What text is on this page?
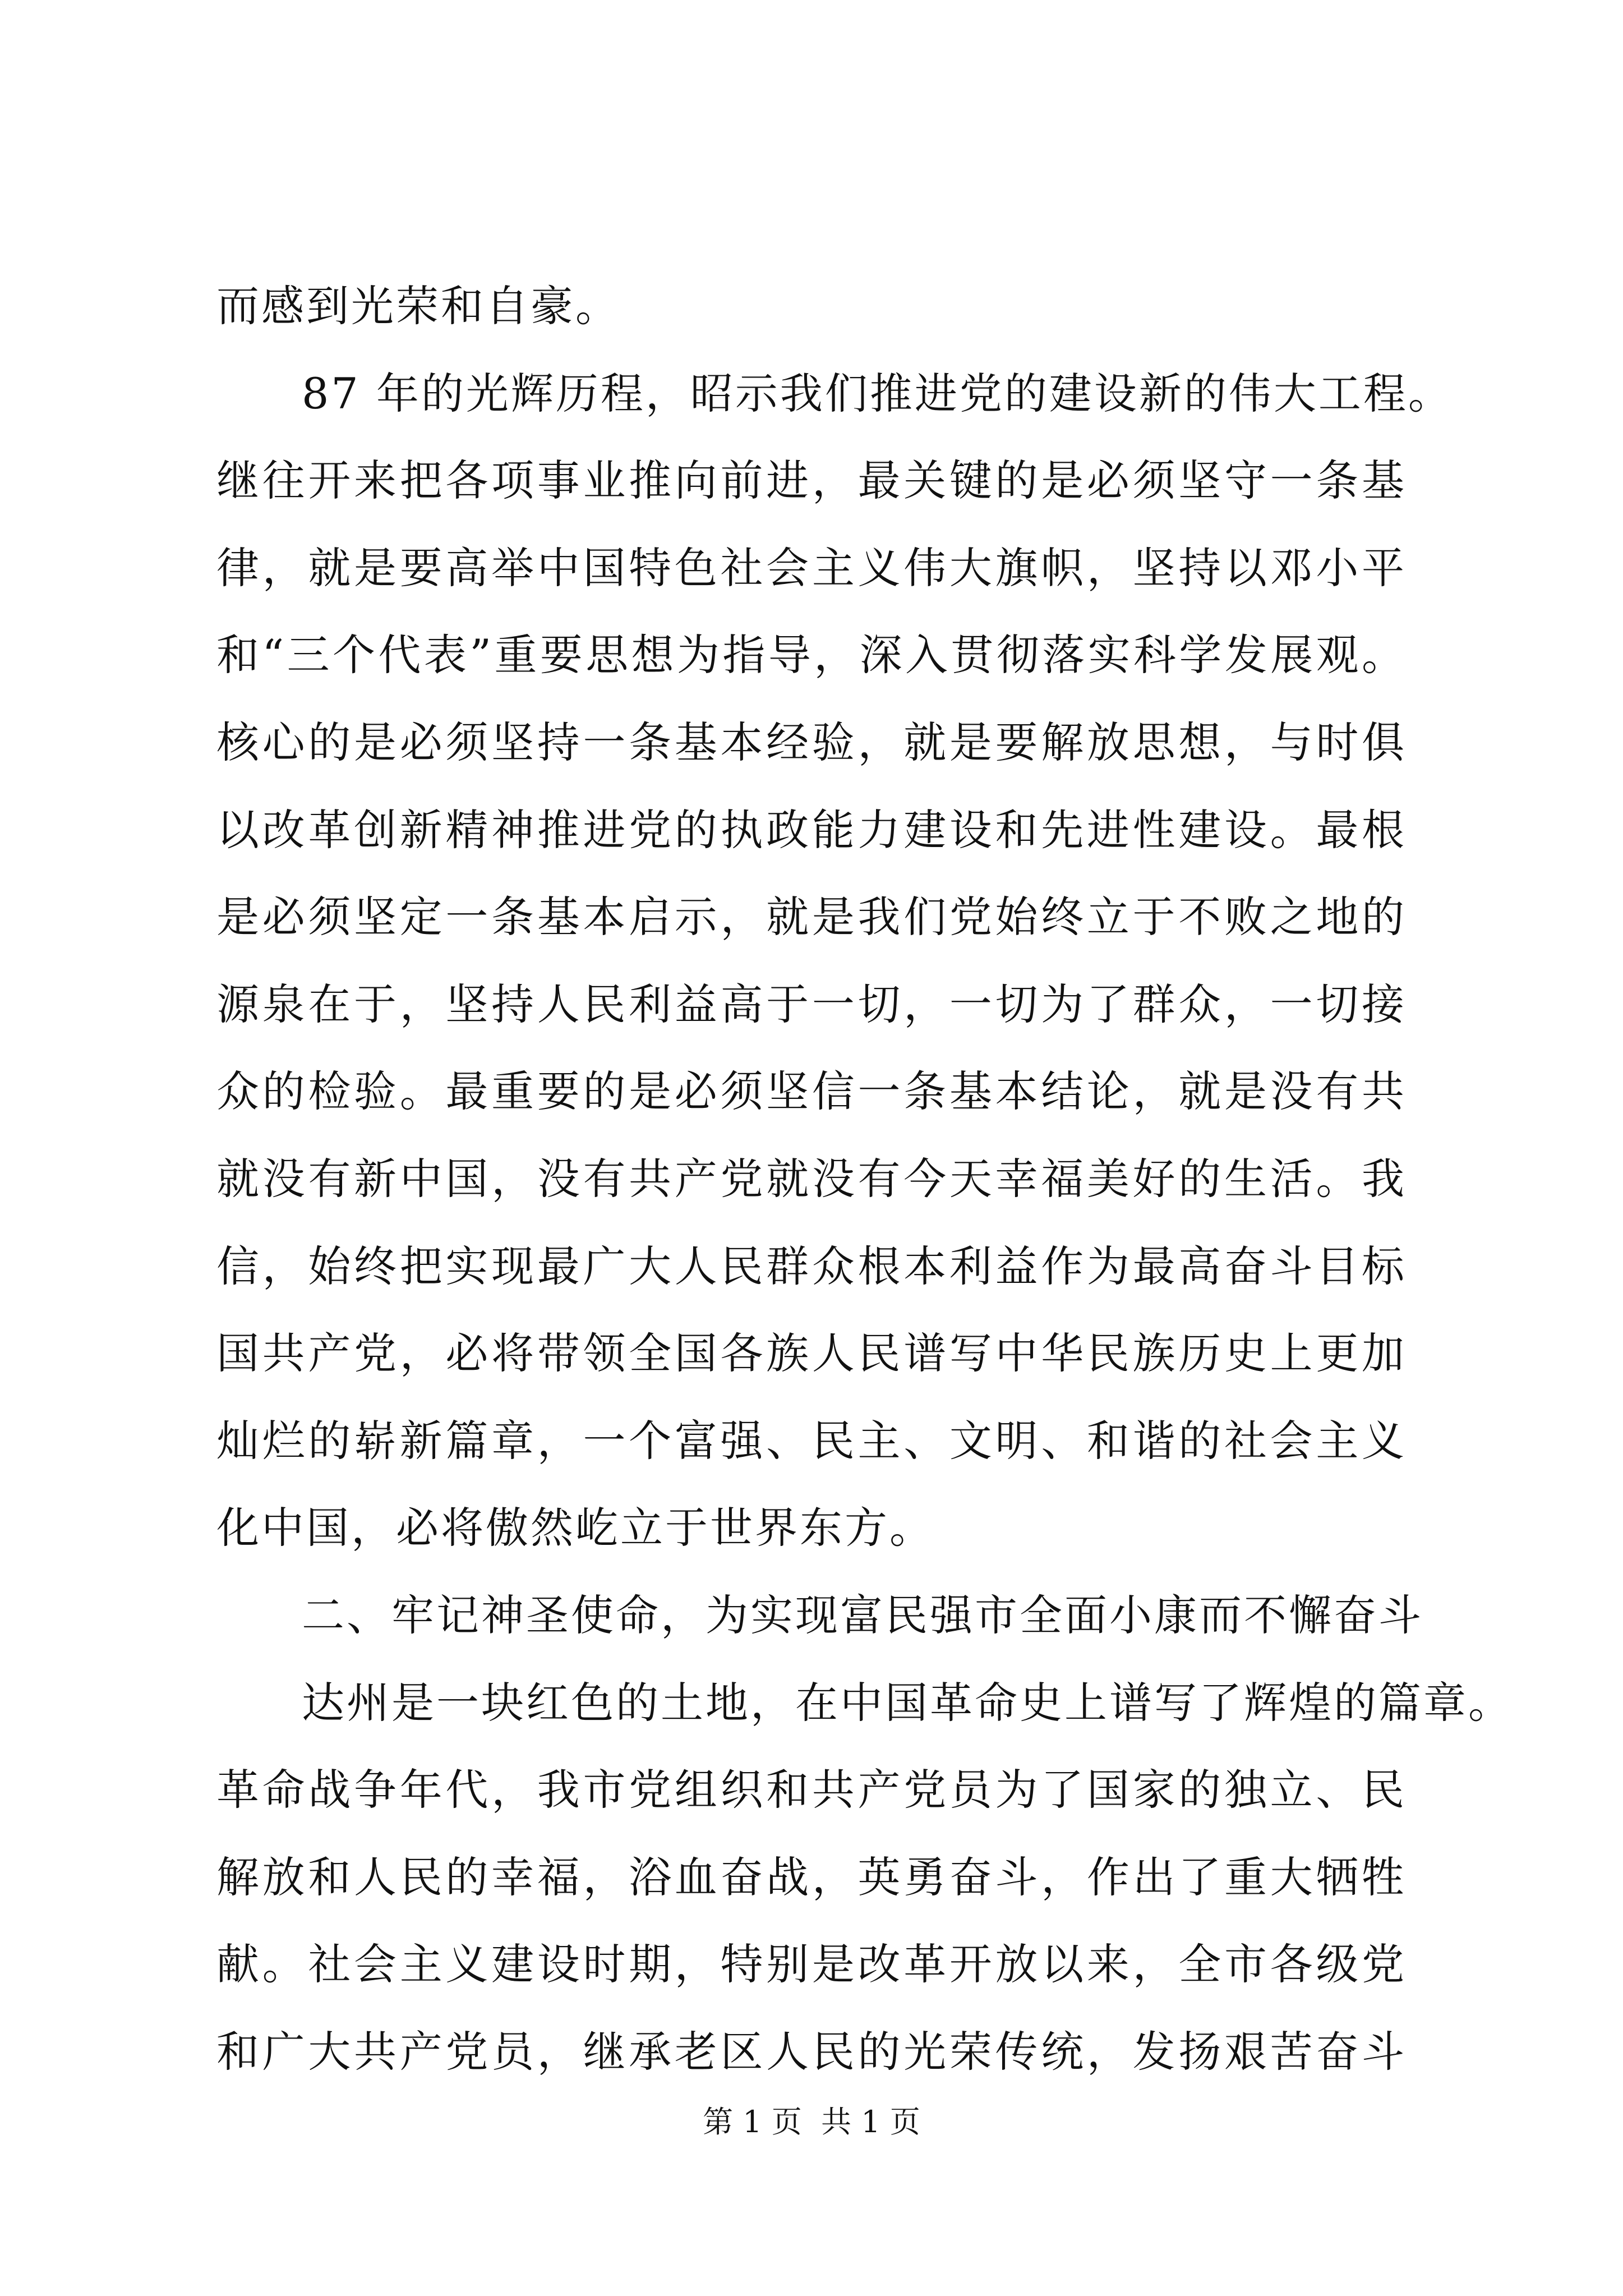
而感到光荣和自豪。
87 年的光辉历程，昭示我们推进党的建设新的伟大工程。
继往开来把各项事业推向前进，最关键的是必须坚守一条基
律，就是要高举中国特色社会主义伟大旗帜，坚持以邓小平
和“三个代表”重要思想为指导，深入贯彻落实科学发展观。
核心的是必须坚持一条基本经验，就是要解放思想，与时俱
以改革创新精神推进党的执政能力建设和先进性建设。最根
是必须坚定一条基本启示，就是我们党始终立于不败之地的
源泉在于，坚持人民利益高于一切，一切为了群众，一切接
众的检验。最重要的是必须坚信一条基本结论，就是没有共
就没有新中国，没有共产党就没有今天幸福美好的生活。我
信，始终把实现最广大人民群众根本利益作为最高奋斗目标
国共产党，必将带领全国各族人民谱写中华民族历史上更加
灿烂的崭新篇章，一个富强、民主、文明、和谐的社会主义
化中国，必将傲然屹立于世界东方。
二、牢记神圣使命，为实现富民强市全面小康而不懈奋斗
达州是一块红色的土地，在中国革命史上谱写了辉煌的篇章。
革命战争年代，我市党组织和共产党员为了国家的独立、民
解放和人民的幸福，浴血奋战，英勇奋斗，作出了重大牺牲
献。社会主义建设时期，特别是改革开放以来，全市各级党
和广大共产党员，继承老区人民的光荣传统，发扬艰苦奋斗
第 1 页  共 1 页
